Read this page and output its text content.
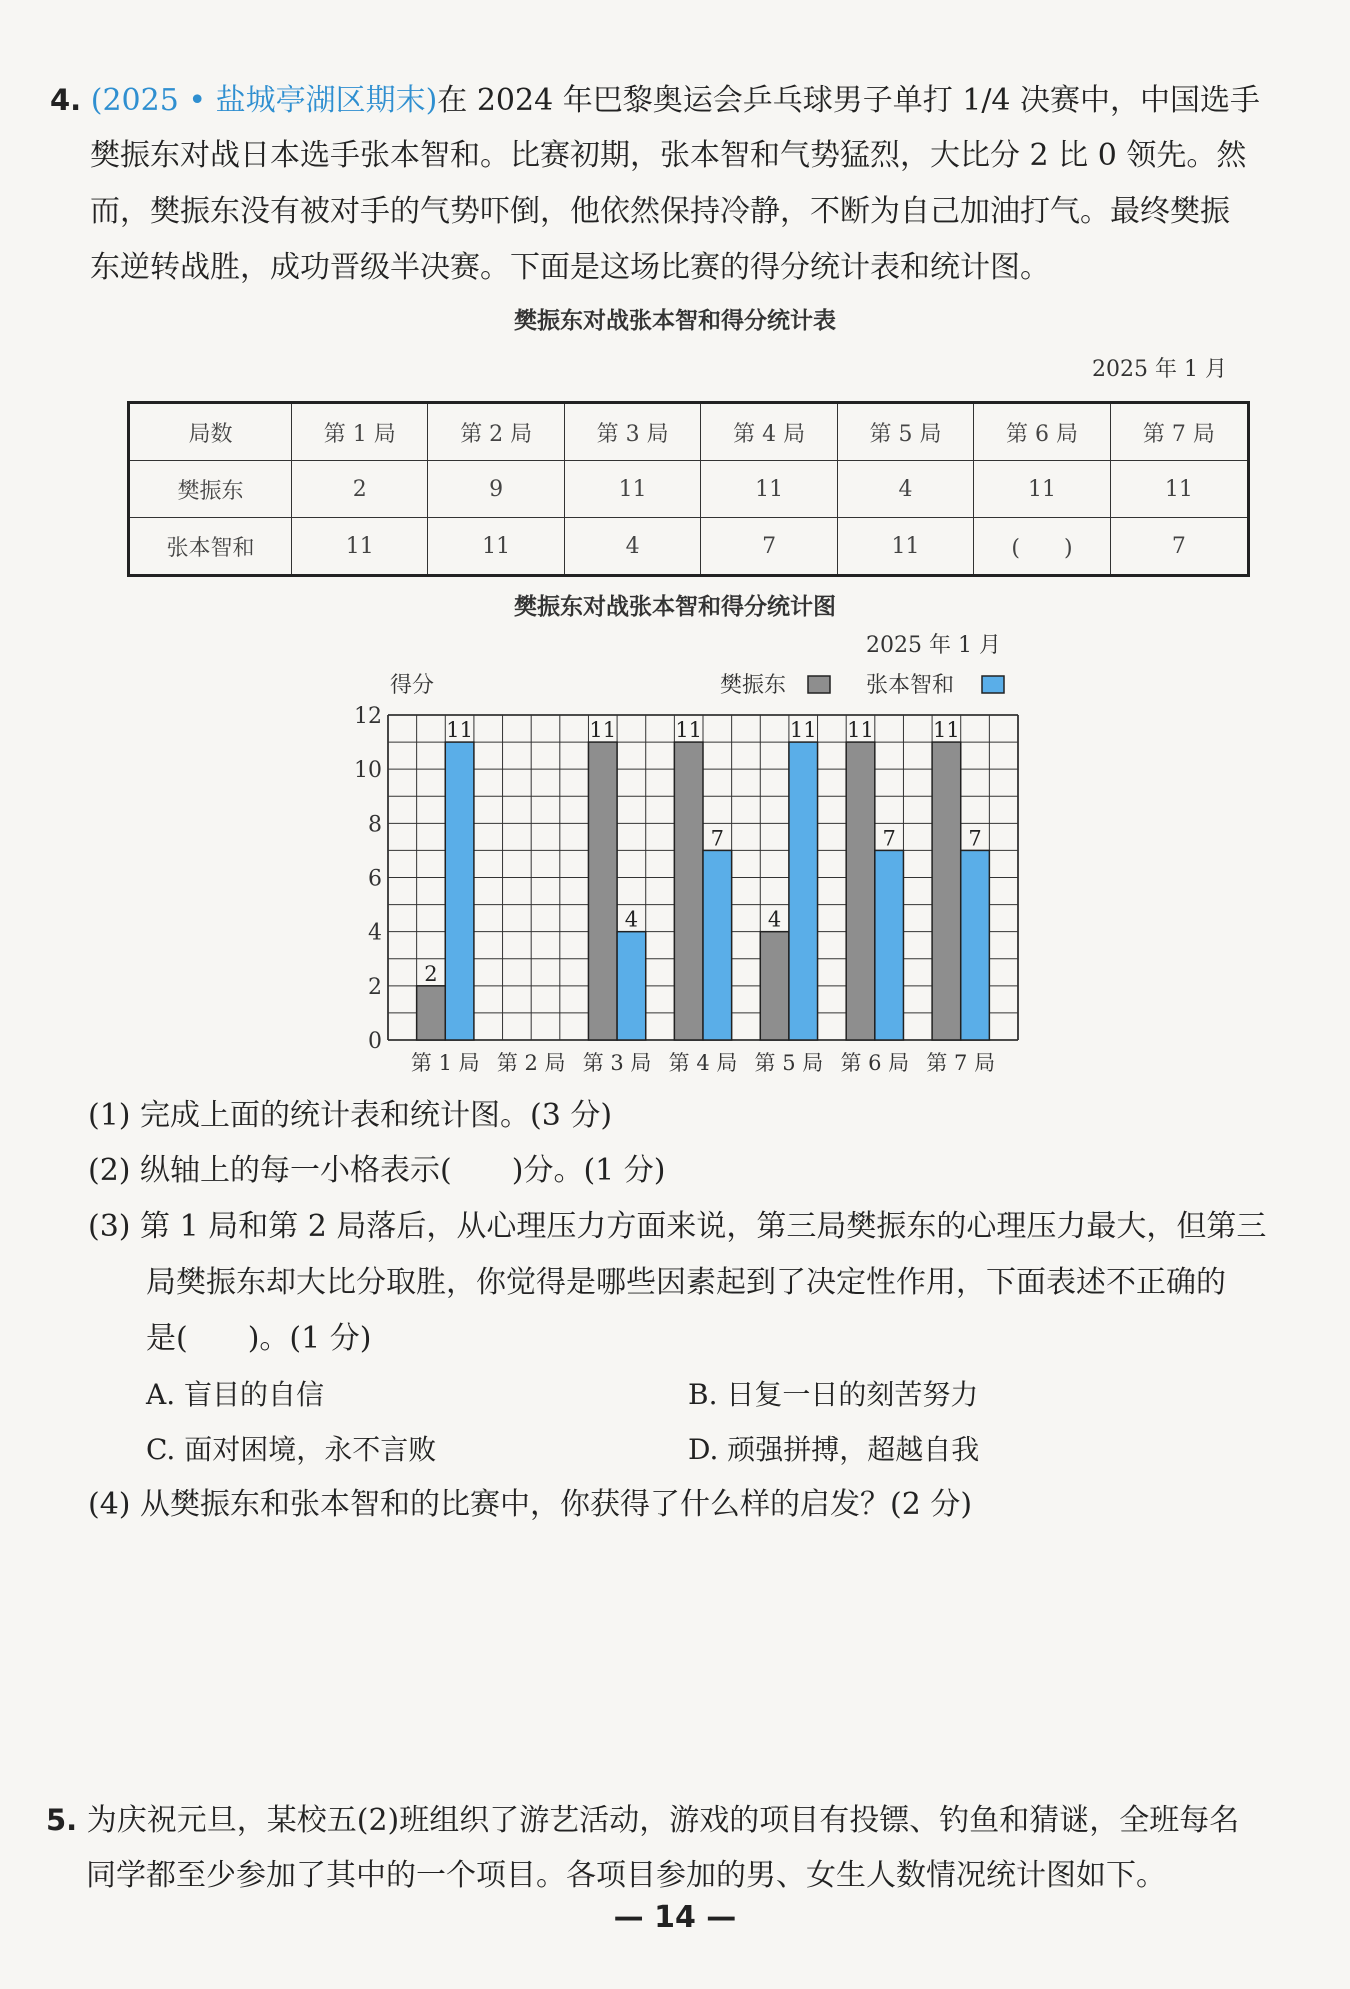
4. (2025 • 盐城亭湖区期末)在 2024 年巴黎奥运会乒乓球男子单打 1/4 决赛中，中国选手
樊振东对战日本选手张本智和。比赛初期，张本智和气势猛烈，大比分 2 比 0 领先。然
而，樊振东没有被对手的气势吓倒，他依然保持冷静，不断为自己加油打气。最终樊振
东逆转战胜，成功晋级半决赛。下面是这场比赛的得分统计表和统计图。
樊振东对战张本智和得分统计表
2025 年 1 月
局数	第 1 局	第 2 局	第 3 局	第 4 局	第 5 局	第 6 局	第 7 局
樊振东	2	9	11	11	4	11	11
张本智和	11	11	4	7	11	(　　)	7
樊振东对战张本智和得分统计图
0
2
4
6
8
10
12
2
11
第 1 局 第 2 局
11
4
第 3 局
11
7
第 4 局
4
11
第 5 局
11
7
第 6 局
11
7
第 7 局
2025 年 1 月
得分	樊振东	张本智和
(1) 完成上面的统计表和统计图。(3 分)
(2) 纵轴上的每一小格表示(　　)分。(1 分)
(3) 第 1 局和第 2 局落后，从心理压力方面来说，第三局樊振东的心理压力最大，但第三
局樊振东却大比分取胜，你觉得是哪些因素起到了决定性作用，下面表述不正确的
是(　　)。(1 分)
A. 盲目的自信	B. 日复一日的刻苦努力
C. 面对困境，永不言败	D. 顽强拼搏，超越自我
(4) 从樊振东和张本智和的比赛中，你获得了什么样的启发？(2 分)
5. 为庆祝元旦，某校五(2)班组织了游艺活动，游戏的项目有投镖、钓鱼和猜谜，全班每名
同学都至少参加了其中的一个项目。各项目参加的男、女生人数情况统计图如下。
— 14 —
